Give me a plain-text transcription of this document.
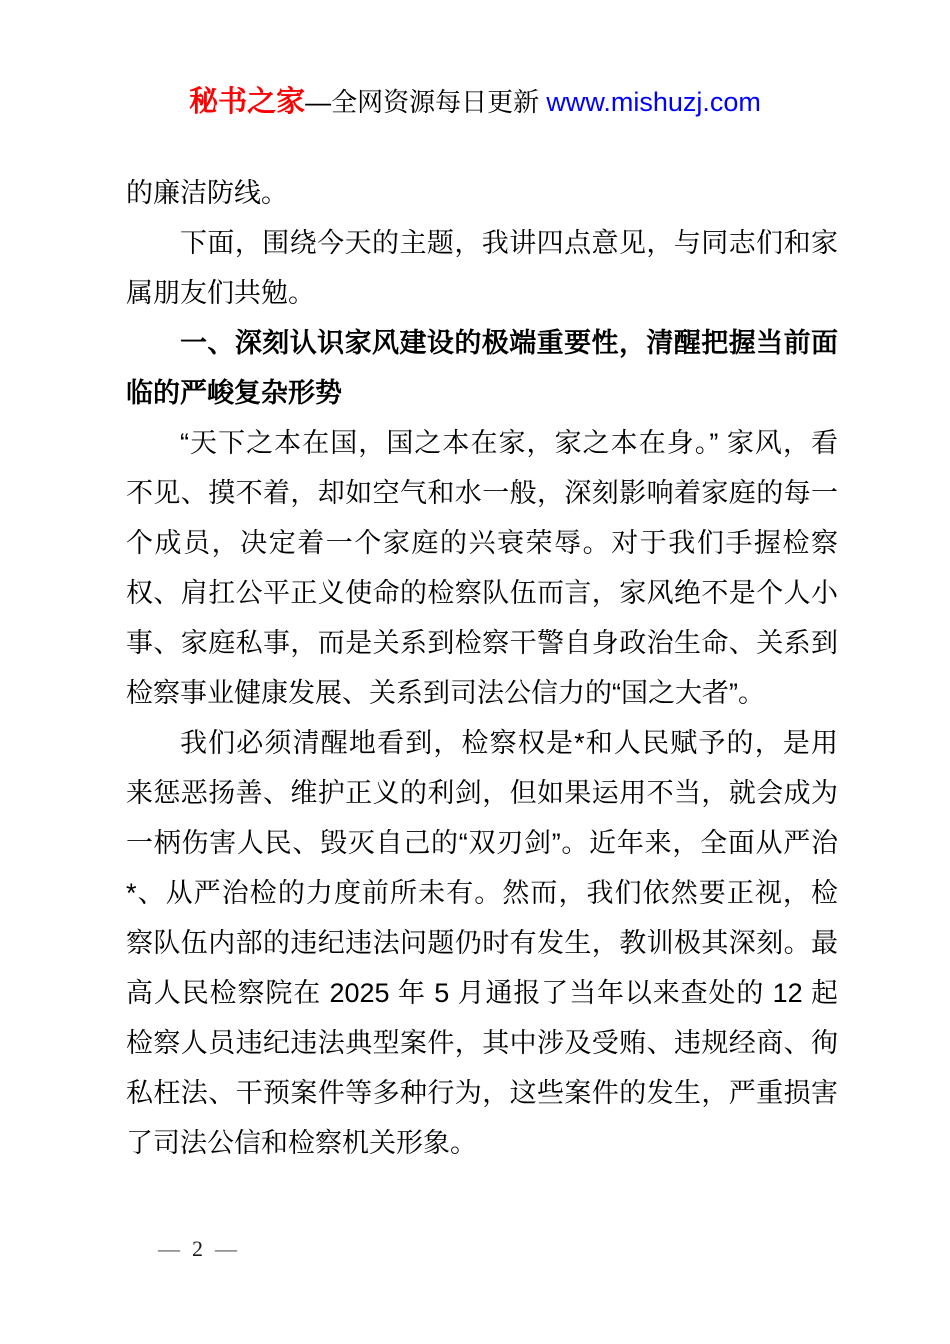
秘书之家—全网资源每日更新 www.mishuzj.com

的廉洁防线。

下面，围绕今天的主题，我讲四点意见，与同志们和家属朋友们共勉。

一、深刻认识家风建设的极端重要性，清醒把握当前面临的严峻复杂形势

“天下之本在国，国之本在家，家之本在身。” 家风，看不见、摸不着，却如空气和水一般，深刻影响着家庭的每一个成员，决定着一个家庭的兴衰荣辱。对于我们手握检察权、肩扛公平正义使命的检察队伍而言，家风绝不是个人小事、家庭私事，而是关系到检察干警自身政治生命、关系到检察事业健康发展、关系到司法公信力的“国之大者”。

我们必须清醒地看到，检察权是*和人民赋予的，是用来惩恶扬善、维护正义的利剑，但如果运用不当，就会成为一柄伤害人民、毁灭自己的“双刃剑”。近年来，全面从严治*、从严治检的力度前所未有。然而，我们依然要正视，检察队伍内部的违纪违法问题仍时有发生，教训极其深刻。最高人民检察院在 2025 年 5 月通报了当年以来查处的 12 起检察人员违纪违法典型案件，其中涉及受贿、违规经商、徇私枉法、干预案件等多种行为，这些案件的发生，严重损害了司法公信和检察机关形象。

— 2 —
